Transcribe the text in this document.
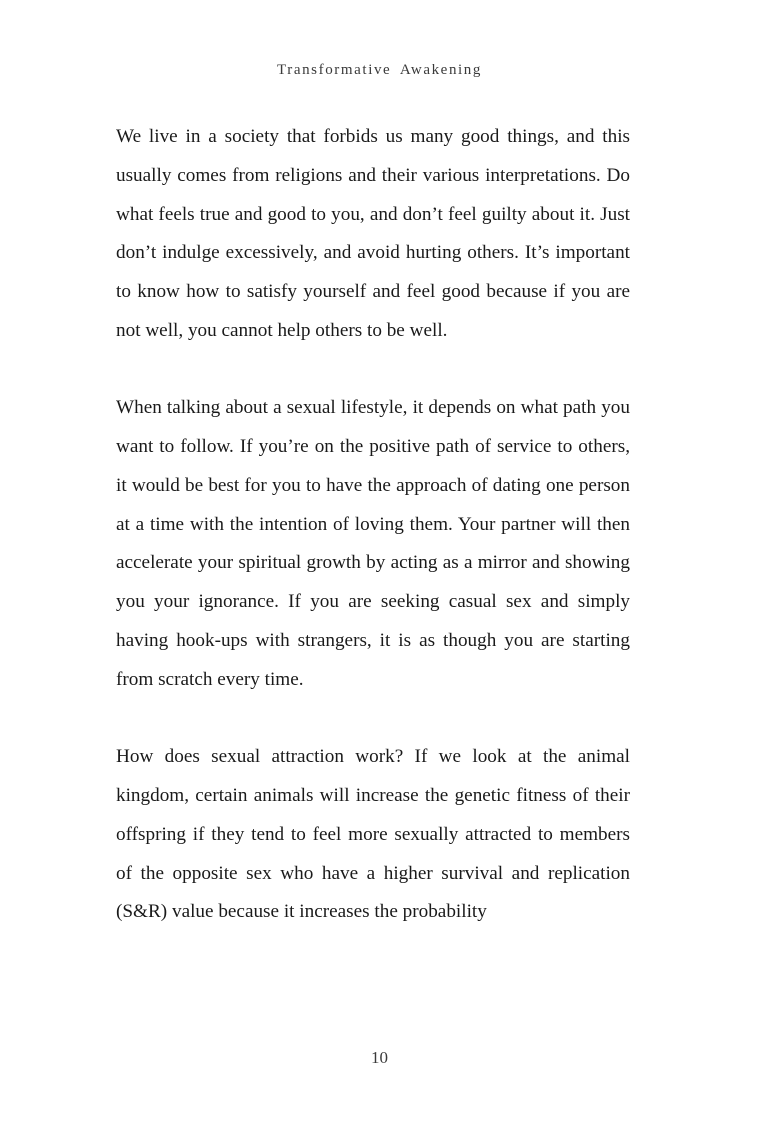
Transformative Awakening

We live in a society that forbids us many good things, and this usually comes from religions and their various interpretations. Do what feels true and good to you, and don’t feel guilty about it. Just don’t indulge excessively, and avoid hurting others. It’s important to know how to satisfy yourself and feel good because if you are not well, you cannot help others to be well.

When talking about a sexual lifestyle, it depends on what path you want to follow. If you’re on the positive path of service to others, it would be best for you to have the approach of dating one person at a time with the intention of loving them. Your partner will then accelerate your spiritual growth by acting as a mirror and showing you your ignorance. If you are seeking casual sex and simply having hook-ups with strangers, it is as though you are starting from scratch every time.

How does sexual attraction work? If we look at the animal kingdom, certain animals will increase the genetic fitness of their offspring if they tend to feel more sexually attracted to members of the opposite sex who have a higher survival and replication (S&R) value because it increases the probability

10
